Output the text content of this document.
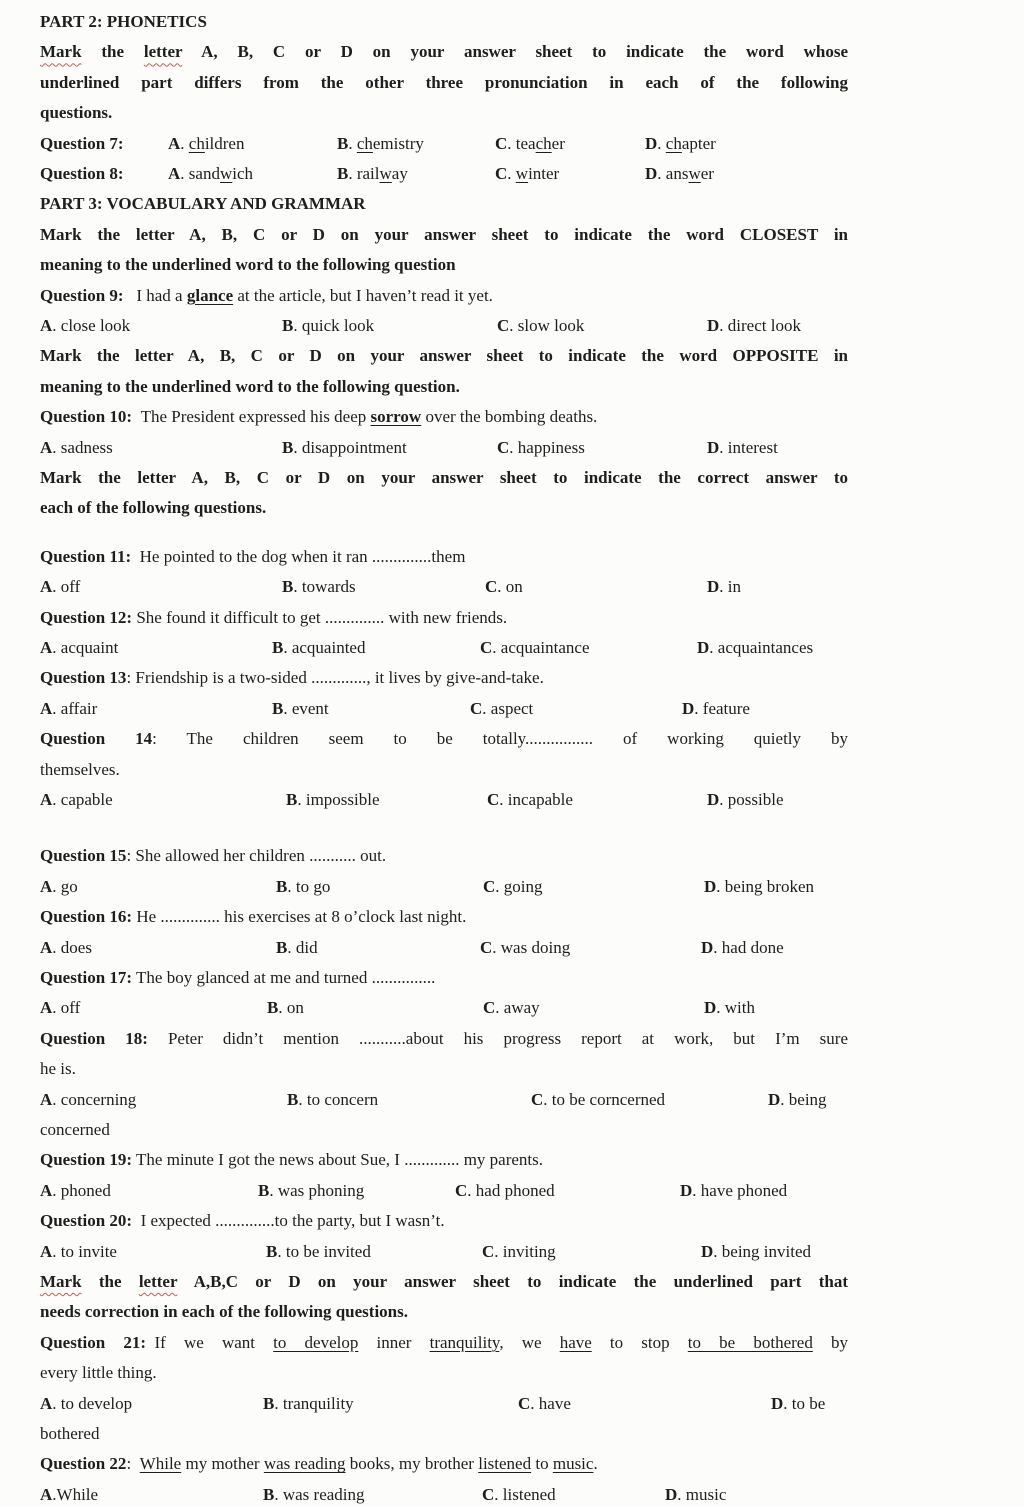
PART 2: PHONETICS
Mark the letter A, B, C or D on your answer sheet to indicate the word whose
underlined part differs from the other three pronunciation in each of the following
questions.
Question 7:	A. children	B. chemistry	C. teacher	D. chapter
Question 8:	A. sandwich	B. railway	C. winter	D. answer
PART 3: VOCABULARY AND GRAMMAR
Mark the letter A, B, C or D on your answer sheet to indicate the word CLOSEST in
meaning to the underlined word to the following question
Question 9:  I had a glance at the article, but I haven’t read it yet.
A. close look	B. quick look	C. slow look	D. direct look
Mark the letter A, B, C or D on your answer sheet to indicate the word OPPOSITE in
meaning to the underlined word to the following question.
Question 10: The President expressed his deep sorrow over the bombing deaths.
A. sadness	B. disappointment	C. happiness	D. interest
Mark the letter A, B, C or D on your answer sheet to indicate the correct answer to
each of the following questions.
Question 11: He pointed to the dog when it ran ..............them
A. off	B. towards	C. on	D. in
Question 12: She found it difficult to get .............. with new friends.
A. acquaint	B. acquainted	C. acquaintance	D. acquaintances
Question 13: Friendship is a two-sided ............., it lives by give-and-take.
A. affair	B. event	C. aspect	D. feature
Question 14: The children seem to be totally................ of working quietly by
themselves.
A. capable	B. impossible	C. incapable	D. possible
Question 15: She allowed her children ........... out.
A. go	B. to go	C. going	D. being broken
Question 16: He .............. his exercises at 8 o’clock last night.
A. does	B. did	C. was doing	D. had done
Question 17: The boy glanced at me and turned ...............
A. off	B. on	C. away	D. with
Question 18: Peter didn’t mention ...........about his progress report at work, but I’m sure
he is.
A. concerning	B. to concern	C. to be corncerned	D. being
concerned
Question 19: The minute I got the news about Sue, I ............. my parents.
A. phoned	B. was phoning	C. had phoned	D. have phoned
Question 20: I expected ..............to the party, but I wasn’t.
A. to invite	B. to be invited	C. inviting	D. being invited
Mark the letter A,B,C or D on your answer sheet to indicate the underlined part that
needs correction in each of the following questions.
Question 21: If we want to develop inner tranquility, we have to stop to be bothered by
every little thing.
A. to develop	B. tranquility	C. have	D. to be
bothered
Question 22: While my mother was reading books, my brother listened to music.
A.While	B. was reading	C. listened	D. music
